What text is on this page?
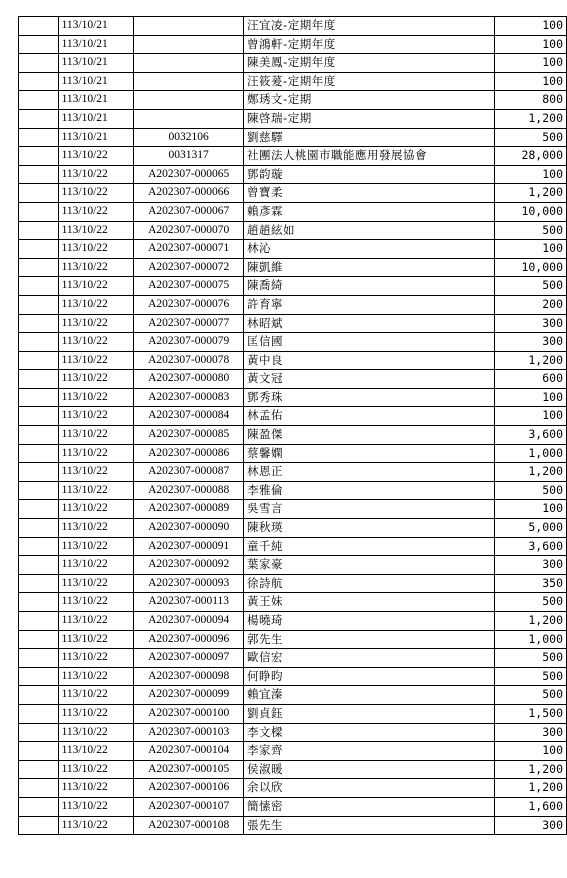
	113/10/21		汪宜凌-定期年度	100
	113/10/21		曾鴻軒-定期年度	100
	113/10/21		陳美鳳-定期年度	100
	113/10/21		汪筱萲-定期年度	100
	113/10/21		鄭琇文-定期	800
	113/10/21		陳啓瑞-定期	1,200
	113/10/21	0032106	劉慈驛	500
	113/10/22	0031317	社團法人桃園市職能應用發展協會	28,000
	113/10/22	A202307-000065	鄧韵璇	100
	113/10/22	A202307-000066	曾寶柔	1,200
	113/10/22	A202307-000067	賴彥霖	10,000
	113/10/22	A202307-000070	趙趙絃如	500
	113/10/22	A202307-000071	林沁	100
	113/10/22	A202307-000072	陳凱維	10,000
	113/10/22	A202307-000075	陳喬綺	500
	113/10/22	A202307-000076	許育寧	200
	113/10/22	A202307-000077	林昭斌	300
	113/10/22	A202307-000079	匡信國	300
	113/10/22	A202307-000078	黃中良	1,200
	113/10/22	A202307-000080	黃文冠	600
	113/10/22	A202307-000083	鄧秀珠	100
	113/10/22	A202307-000084	林孟佑	100
	113/10/22	A202307-000085	陳盈傑	3,600
	113/10/22	A202307-000086	蔡馨嫻	1,000
	113/10/22	A202307-000087	林恩正	1,200
	113/10/22	A202307-000088	李雅倫	500
	113/10/22	A202307-000089	吳雪言	100
	113/10/22	A202307-000090	陳秋瑛	5,000
	113/10/22	A202307-000091	童千純	3,600
	113/10/22	A202307-000092	葉家豪	300
	113/10/22	A202307-000093	徐詩航	350
	113/10/22	A202307-000113	黃王妹	500
	113/10/22	A202307-000094	楊曉琦	1,200
	113/10/22	A202307-000096	郭先生	1,000
	113/10/22	A202307-000097	歐信宏	500
	113/10/22	A202307-000098	何睁昀	500
	113/10/22	A202307-000099	賴宜溱	500
	113/10/22	A202307-000100	劉貞鈺	1,500
	113/10/22	A202307-000103	李文樑	300
	113/10/22	A202307-000104	李家齊	100
	113/10/22	A202307-000105	侯淑暖	1,200
	113/10/22	A202307-000106	余以欣	1,200
	113/10/22	A202307-000107	簡愫密	1,600
	113/10/22	A202307-000108	張先生	300
